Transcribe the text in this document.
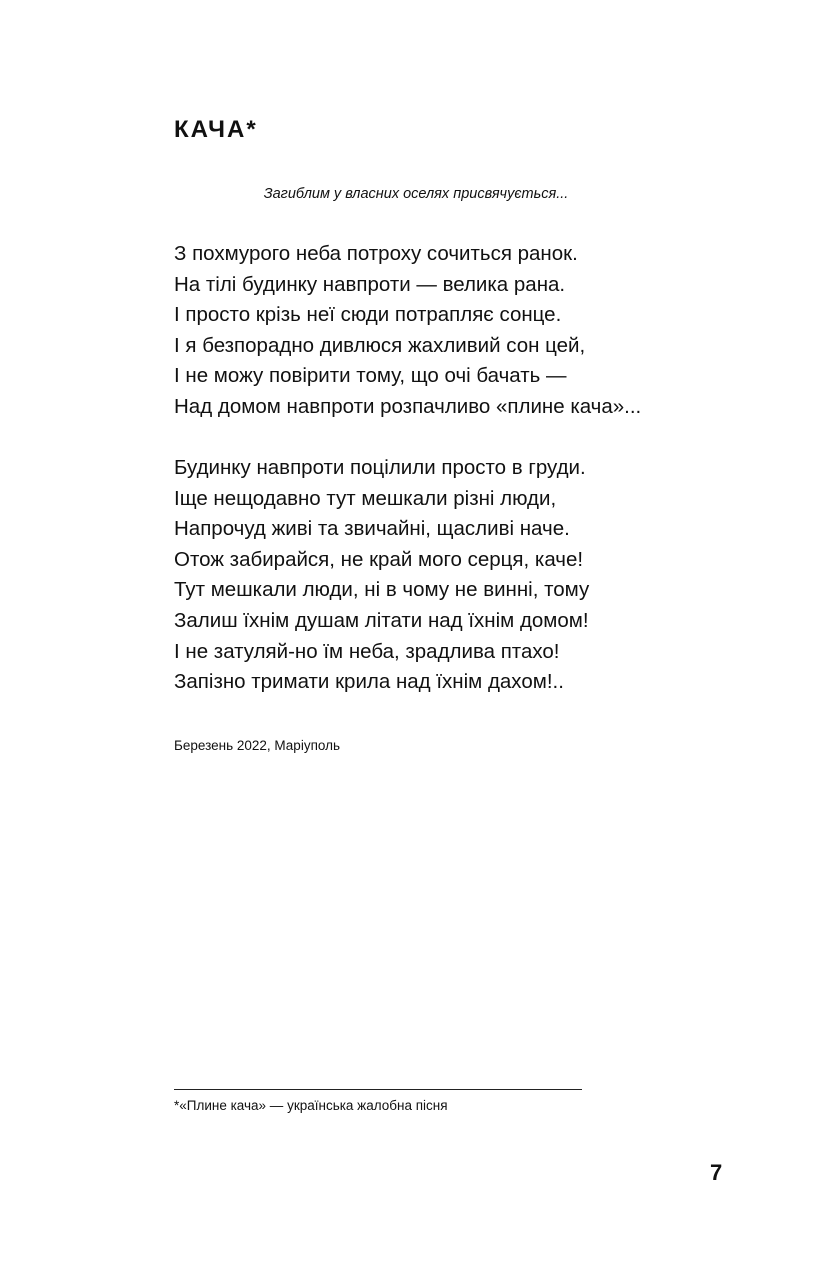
КАЧА*

Загиблим у власних оселях присвячується...

З похмурого неба потроху сочиться ранок.
На тілі будинку навпроти — велика рана.
І просто крізь неї сюди потрапляє сонце.
І я безпорадно дивлюся жахливий сон цей,
І не можу повірити тому, що очі бачать —
Над домом навпроти розпачливо «плине кача»...
Будинку навпроти поцілили просто в груди.
Іще нещодавно тут мешкали різні люди,
Напрочуд живі та звичайні, щасливі наче.
Отож забирайся, не край мого серця, каче!
Тут мешкали люди, ні в чому не винні, тому
Залиш їхнім душам літати над їхнім домом!
І не затуляй-но їм неба, зрадлива птахо!
Запізно тримати крила над їхнім дахом!..

Березень 2022, Маріуполь

*«Плине кача» — українська жалобна пісня

7
